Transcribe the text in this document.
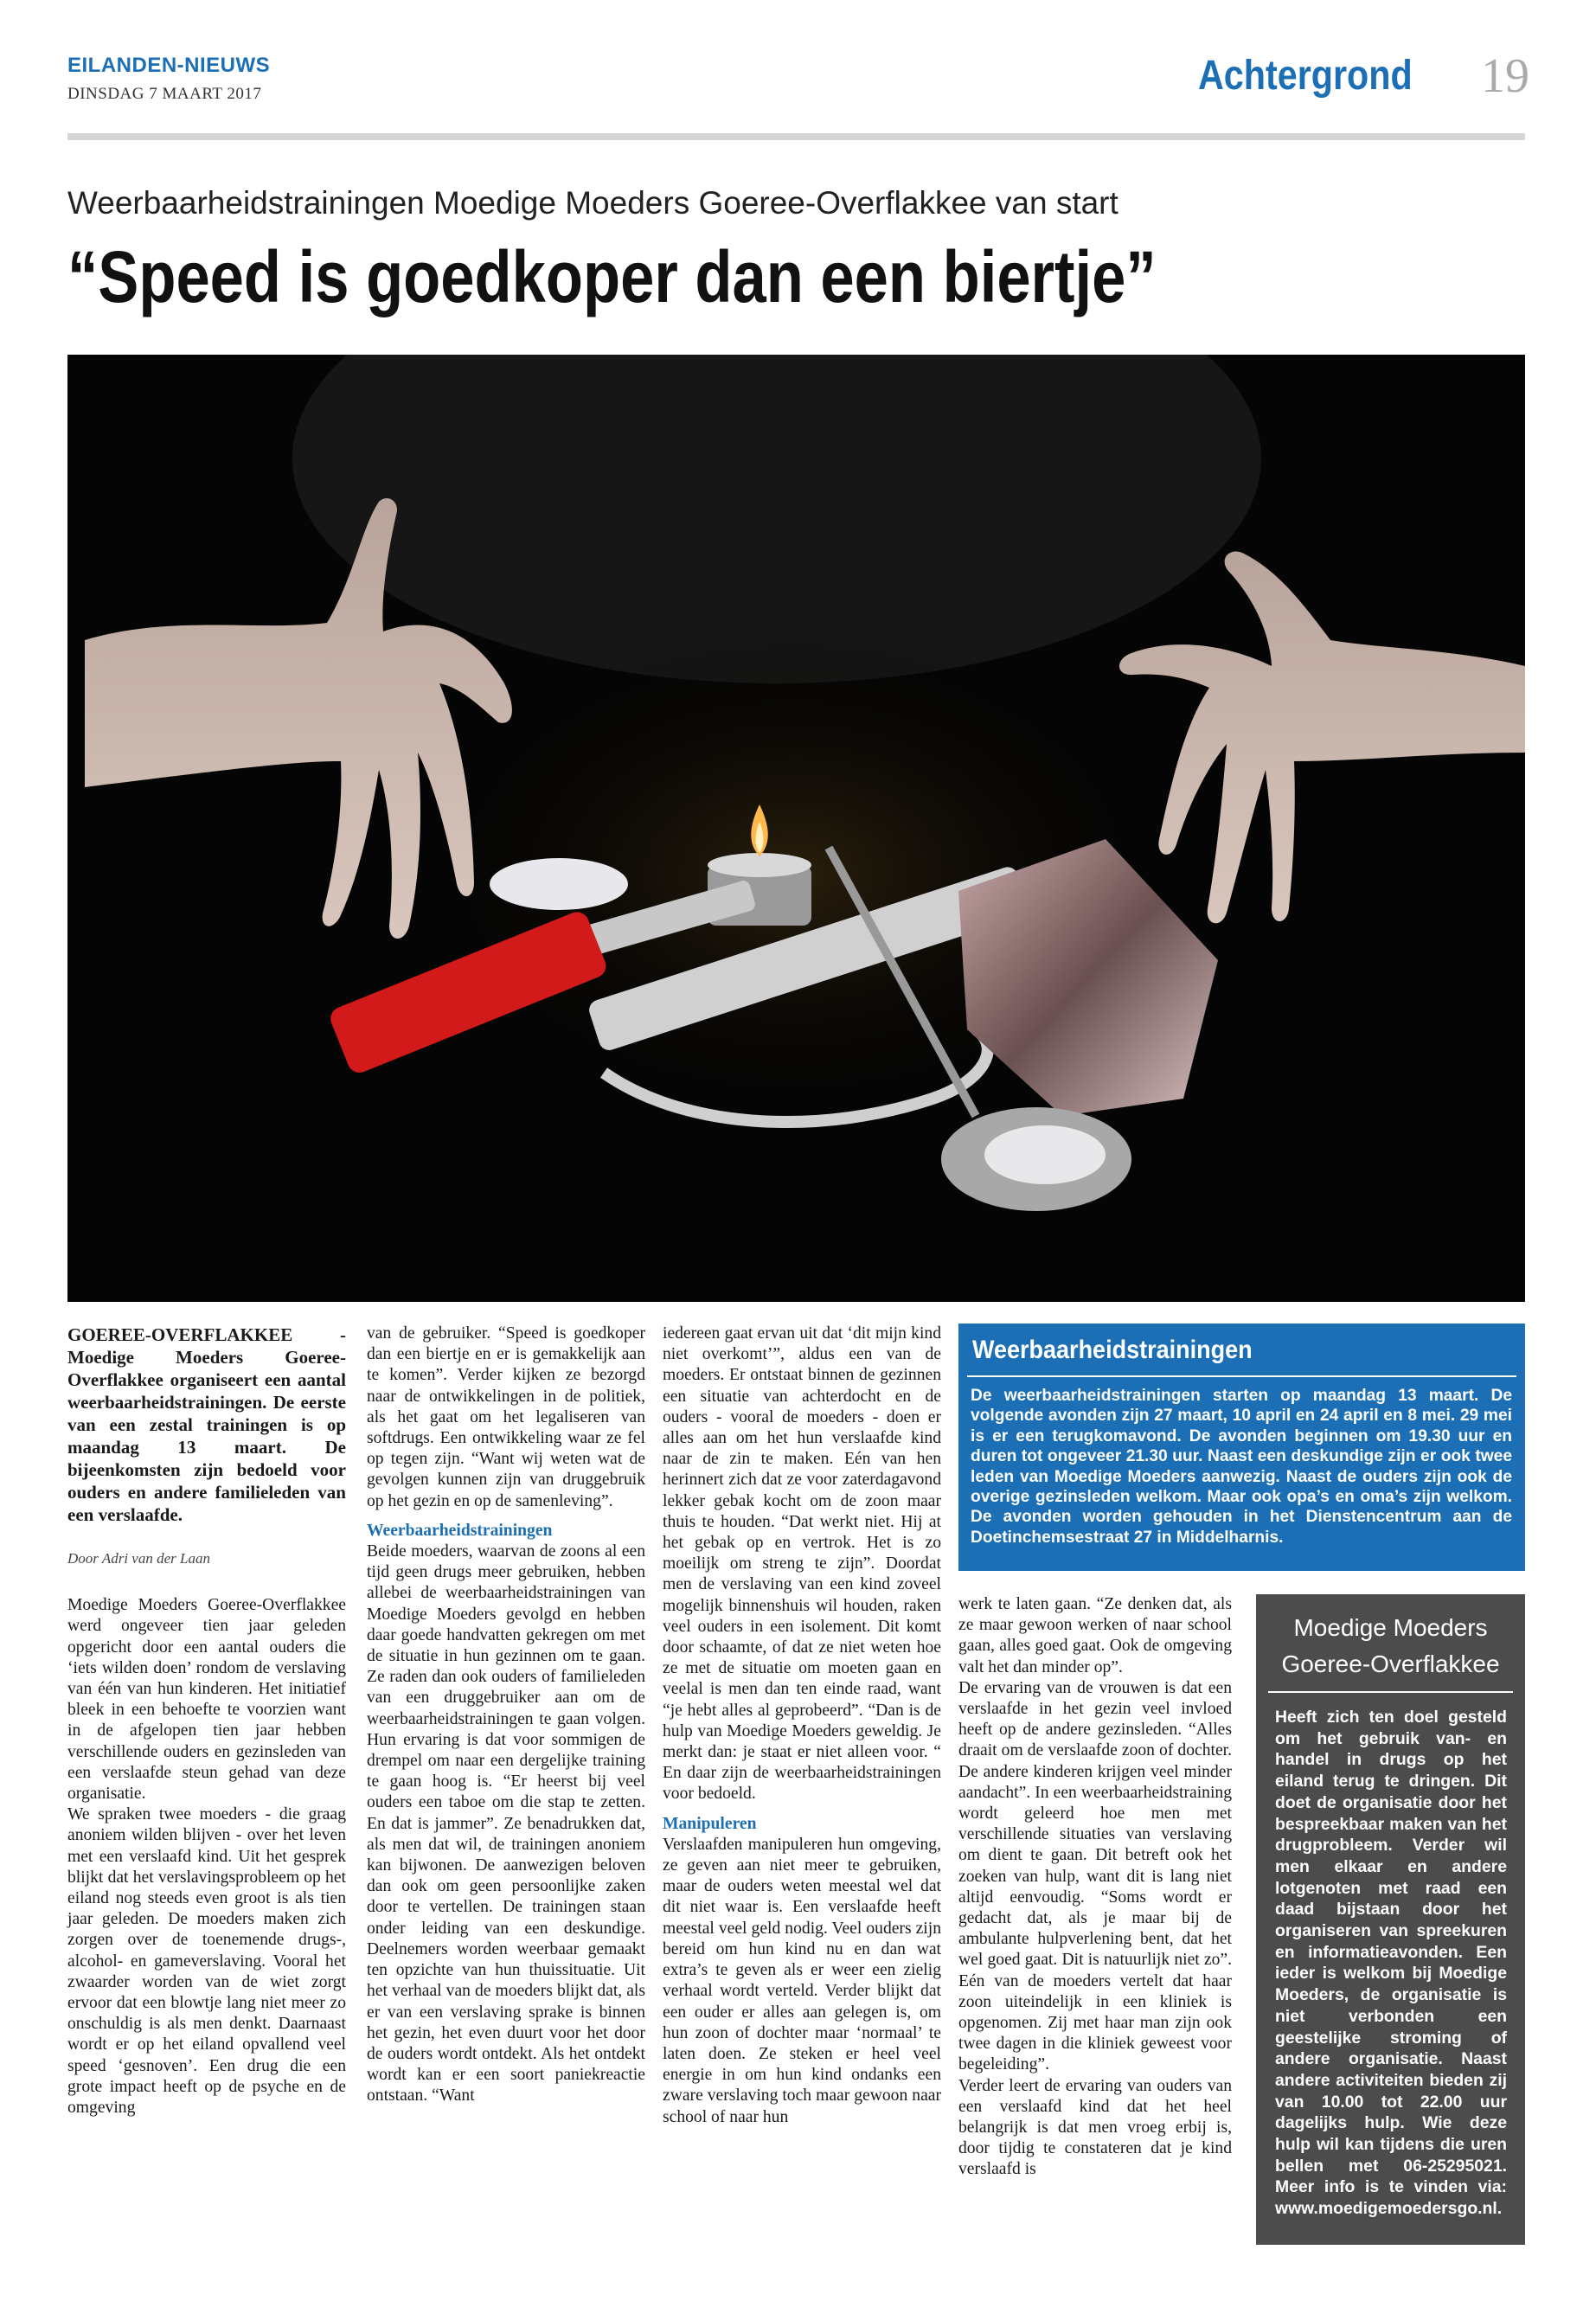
EILANDEN-NIEUWS
DINSDAG 7 MAART 2017	Achtergrond 19
Weerbaarheidstrainingen Moedige Moeders Goeree-Overflakkee van start
“Speed is goedkoper dan een biertje”

GOEREE-OVERFLAKKEE - Moedige Moeders Goeree-Overflakkee organiseert een aantal weerbaarheidstrainingen. De eerste van een zestal trainingen is op maandag 13 maart. De bijeenkomsten zijn bedoeld voor ouders en andere familieleden van een verslaafde.

Door Adri van der Laan

Moedige Moeders Goeree-Overflakkee werd ongeveer tien jaar geleden opgericht door een aantal ouders die ‘iets wilden doen’ rondom de verslaving van één van hun kinderen. Het initiatief bleek in een behoefte te voorzien want in de afgelopen tien jaar hebben verschillende ouders en gezinsleden van een verslaafde steun gehad van deze organisatie.

We spraken twee moeders - die graag anoniem wilden blijven - over het leven met een verslaafd kind. Uit het gesprek blijkt dat het verslavingsprobleem op het eiland nog steeds even groot is als tien jaar geleden. De moeders maken zich zorgen over de toenemende drugs-, alcohol- en gameverslaving. Vooral het zwaarder worden van de wiet zorgt ervoor dat een blowtje lang niet meer zo onschuldig is als men denkt. Daarnaast wordt er op het eiland opvallend veel speed ‘gesnoven’. Een drug die een grote impact heeft op de psyche en de omgeving

van de gebruiker. “Speed is goedkoper dan een biertje en er is gemakkelijk aan te komen”. Verder kijken ze bezorgd naar de ontwikkelingen in de politiek, als het gaat om het legaliseren van softdrugs. Een ontwikkeling waar ze fel op tegen zijn. “Want wij weten wat de gevolgen kunnen zijn van druggebruik op het gezin en op de samenleving”.

Weerbaarheidstrainingen

Beide moeders, waarvan de zoons al een tijd geen drugs meer gebruiken, hebben allebei de weerbaarheidstrainingen van Moedige Moeders gevolgd en hebben daar goede handvatten gekregen om met de situatie in hun gezinnen om te gaan. Ze raden dan ook ouders of familieleden van een druggebruiker aan om de weerbaarheidstrainingen te gaan volgen. Hun ervaring is dat voor sommigen de drempel om naar een dergelijke training te gaan hoog is. “Er heerst bij veel ouders een taboe om die stap te zetten. En dat is jammer”. Ze benadrukken dat, als men dat wil, de trainingen anoniem kan bijwonen. De aanwezigen beloven dan ook om geen persoonlijke zaken door te vertellen. De trainingen staan onder leiding van een deskundige. Deelnemers worden weerbaar gemaakt ten opzichte van hun thuissituatie. Uit het verhaal van de moeders blijkt dat, als er van een verslaving sprake is binnen het gezin, het even duurt voor het door de ouders wordt ontdekt. Als het ontdekt wordt kan er een soort paniekreactie ontstaan. “Want

iedereen gaat ervan uit dat ‘dit mijn kind niet overkomt’”, aldus een van de moeders. Er ontstaat binnen de gezinnen een situatie van achterdocht en de ouders - vooral de moeders - doen er alles aan om het hun verslaafde kind naar de zin te maken. Eén van hen herinnert zich dat ze voor zaterdagavond lekker gebak kocht om de zoon maar thuis te houden. “Dat werkt niet. Hij at het gebak op en vertrok. Het is zo moeilijk om streng te zijn”. Doordat men de verslaving van een kind zoveel mogelijk binnenshuis wil houden, raken veel ouders in een isolement. Dit komt door schaamte, of dat ze niet weten hoe ze met de situatie om moeten gaan en veelal is men dan ten einde raad, want “je hebt alles al geprobeerd”. “Dan is de hulp van Moedige Moeders geweldig. Je merkt dan: je staat er niet alleen voor. “ En daar zijn de weerbaarheidstrainingen voor bedoeld.

Manipuleren

Verslaafden manipuleren hun omgeving, ze geven aan niet meer te gebruiken, maar de ouders weten meestal wel dat dit niet waar is. Een verslaafde heeft meestal veel geld nodig. Veel ouders zijn bereid om hun kind nu en dan wat extra’s te geven als er weer een zielig verhaal wordt verteld. Verder blijkt dat een ouder er alles aan gelegen is, om hun zoon of dochter maar ‘normaal’ te laten doen. Ze steken er heel veel energie in om hun kind ondanks een zware verslaving toch maar gewoon naar school of naar hun

Weerbaarheidstrainingen
De weerbaarheidstrainingen starten op maandag 13 maart. De volgende avonden zijn 27 maart, 10 april en 24 april en 8 mei. 29 mei is er een terugkomavond. De avonden beginnen om 19.30 uur en duren tot ongeveer 21.30 uur. Naast een deskundige zijn er ook twee leden van Moedige Moeders aanwezig. Naast de ouders zijn ook de overige gezinsleden welkom. Maar ook opa’s en oma’s zijn welkom. De avonden worden gehouden in het Dienstencentrum aan de Doetinchemsestraat 27 in Middelharnis.

werk te laten gaan. “Ze denken dat, als ze maar gewoon werken of naar school gaan, alles goed gaat. Ook de omgeving valt het dan minder op”.

De ervaring van de vrouwen is dat een verslaafde in het gezin veel invloed heeft op de andere gezinsleden. “Alles draait om de verslaafde zoon of dochter. De andere kinderen krijgen veel minder aandacht”. In een weerbaarheidstraining wordt geleerd hoe men met verschillende situaties van verslaving om dient te gaan. Dit betreft ook het zoeken van hulp, want dit is lang niet altijd eenvoudig. “Soms wordt er gedacht dat, als je maar bij de ambulante hulpverlening bent, dat het wel goed gaat. Dit is natuurlijk niet zo”. Eén van de moeders vertelt dat haar zoon uiteindelijk in een kliniek is opgenomen. Zij met haar man zijn ook twee dagen in die kliniek geweest voor begeleiding”.

Verder leert de ervaring van ouders van een verslaafd kind dat het heel belangrijk is dat men vroeg erbij is, door tijdig te constateren dat je kind verslaafd is

Moedige Moeders
Goeree-Overflakkee
Heeft zich ten doel gesteld om het gebruik van- en handel in drugs op het eiland terug te dringen. Dit doet de organisatie door het bespreekbaar maken van het drugprobleem. Verder wil men elkaar en andere lotgenoten met raad een daad bijstaan door het organiseren van spreekuren en informatieavonden. Een ieder is welkom bij Moedige Moeders, de organisatie is niet verbonden een geestelijke stroming of andere organisatie. Naast andere activiteiten bieden zij van 10.00 tot 22.00 uur dagelijks hulp. Wie deze hulp wil kan tijdens die uren bellen met 06-25295021. Meer info is te vinden via: www.moedigemoedersgo.nl.
